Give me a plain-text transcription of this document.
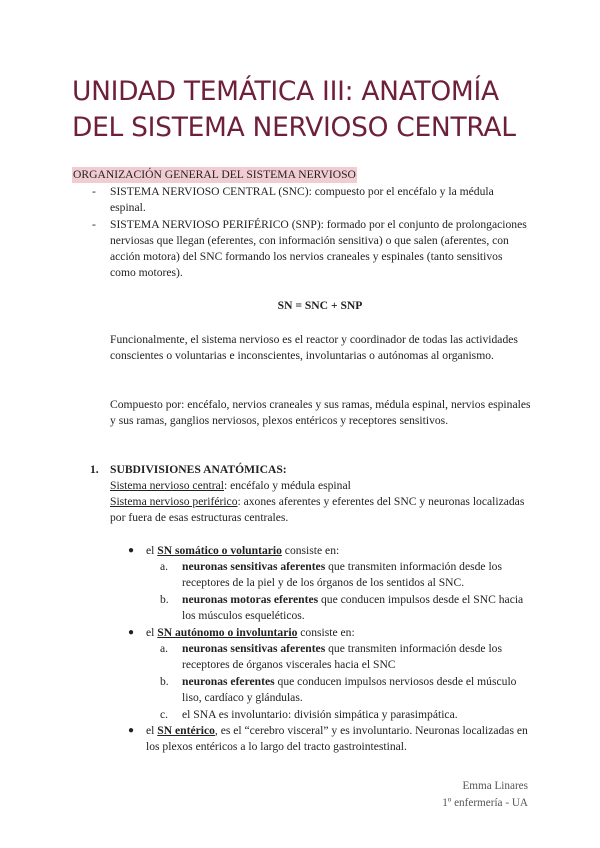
UNIDAD TEMÁTICA III: ANATOMÍA DEL SISTEMA NERVIOSO CENTRAL
ORGANIZACIÓN GENERAL DEL SISTEMA NERVIOSO
-	SISTEMA NERVIOSO CENTRAL (SNC): compuesto por el encéfalo y la médula espinal.
-	SISTEMA NERVIOSO PERIFÉRICO (SNP): formado por el conjunto de prolongaciones nerviosas que llegan (eferentes, con información sensitiva) o que salen (aferentes, con acción motora) del SNC formando los nervios craneales y espinales (tanto sensitivos como motores).
SN = SNC + SNP
Funcionalmente, el sistema nervioso es el reactor y coordinador de todas las actividades conscientes o voluntarias e inconscientes, involuntarias o autónomas al organismo.
Compuesto por: encéfalo, nervios craneales y sus ramas, médula espinal, nervios espinales y sus ramas, ganglios nerviosos, plexos entéricos y receptores sensitivos.
1. SUBDIVISIONES ANATÓMICAS:
Sistema nervioso central: encéfalo y médula espinal
Sistema nervioso periférico: axones aferentes y eferentes del SNC y neuronas localizadas por fuera de esas estructuras centrales.
● el SN somático o voluntario consiste en:
a. neuronas sensitivas aferentes que transmiten información desde los receptores de la piel y de los órganos de los sentidos al SNC.
b. neuronas motoras eferentes que conducen impulsos desde el SNC hacia los músculos esqueléticos.
● el SN autónomo o involuntario consiste en:
a. neuronas sensitivas aferentes que transmiten información desde los receptores de órganos viscerales hacia el SNC
b. neuronas eferentes que conducen impulsos nerviosos desde el músculo liso, cardíaco y glándulas.
c. el SNA es involuntario: división simpática y parasimpática.
● el SN entérico, es el “cerebro visceral” y es involuntario. Neuronas localizadas en los plexos entéricos a lo largo del tracto gastrointestinal.
Emma Linares
1º enfermería - UA
